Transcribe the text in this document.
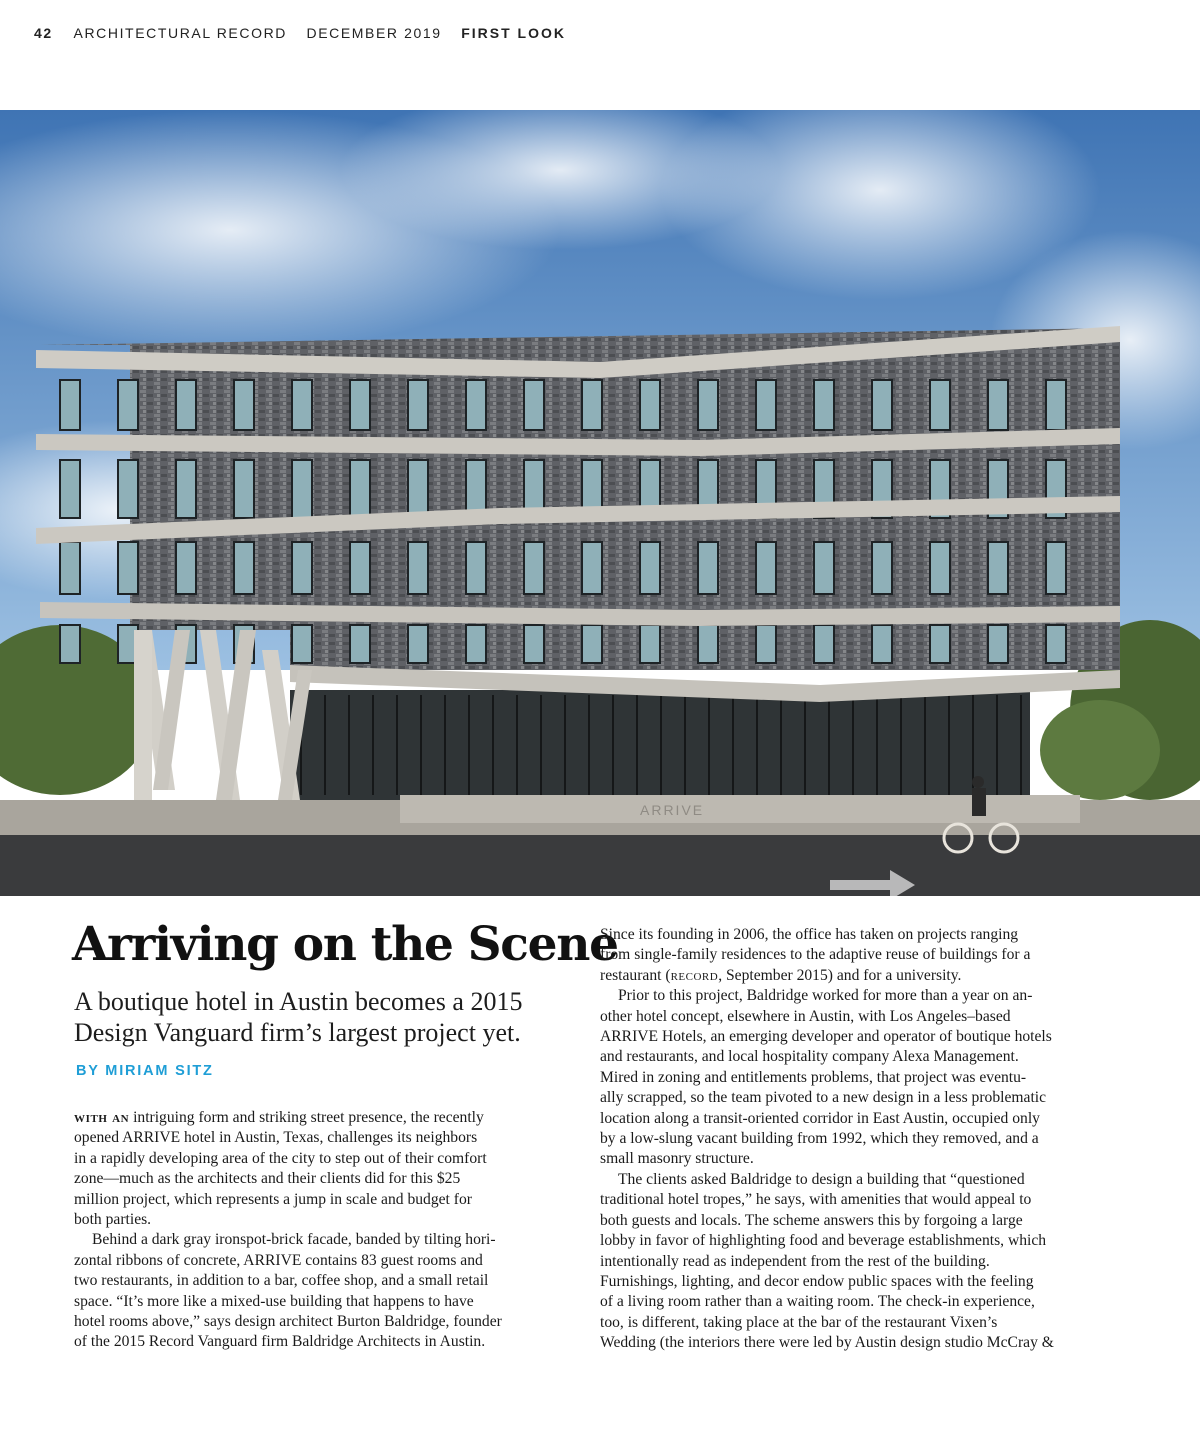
42 ARCHITECTURAL RECORD DECEMBER 2019 FIRST LOOK
ARRIVE
Arriving on the Scene
A boutique hotel in Austin becomes a 2015 Design Vanguard firm’s largest project yet.
BY MIRIAM SITZ

with an intriguing form and striking street presence, the recently
opened ARRIVE hotel in Austin, Texas, challenges its neighbors
in a rapidly developing area of the city to step out of their comfort
zone—much as the architects and their clients did for this $25
million project, which represents a jump in scale and budget for
both parties.

Behind a dark gray ironspot-brick facade, banded by tilting hori-
zontal ribbons of concrete, ARRIVE contains 83 guest rooms and
two restaurants, in addition to a bar, coffee shop, and a small retail
space. “It’s more like a mixed-use building that happens to have
hotel rooms above,” says design architect Burton Baldridge, founder
of the 2015 Record Vanguard firm Baldridge Architects in Austin.

Since its founding in 2006, the office has taken on projects ranging
from single-family residences to the adaptive reuse of buildings for a
restaurant (record, September 2015) and for a university.

Prior to this project, Baldridge worked for more than a year on an-
other hotel concept, elsewhere in Austin, with Los Angeles–based
ARRIVE Hotels, an emerging developer and operator of boutique hotels
and restaurants, and local hospitality company Alexa Management.
Mired in zoning and entitlements problems, that project was eventu-
ally scrapped, so the team pivoted to a new design in a less problematic
location along a transit-oriented corridor in East Austin, occupied only
by a low-slung vacant building from 1992, which they removed, and a
small masonry structure.

The clients asked Baldridge to design a building that “questioned
traditional hotel tropes,” he says, with amenities that would appeal to
both guests and locals. The scheme answers this by forgoing a large
lobby in favor of highlighting food and beverage establishments, which
intentionally read as independent from the rest of the building.
Furnishings, lighting, and decor endow public spaces with the feeling
of a living room rather than a waiting room. The check-in experience,
too, is different, taking place at the bar of the restaurant Vixen’s
Wedding (the interiors there were led by Austin design studio McCray &
